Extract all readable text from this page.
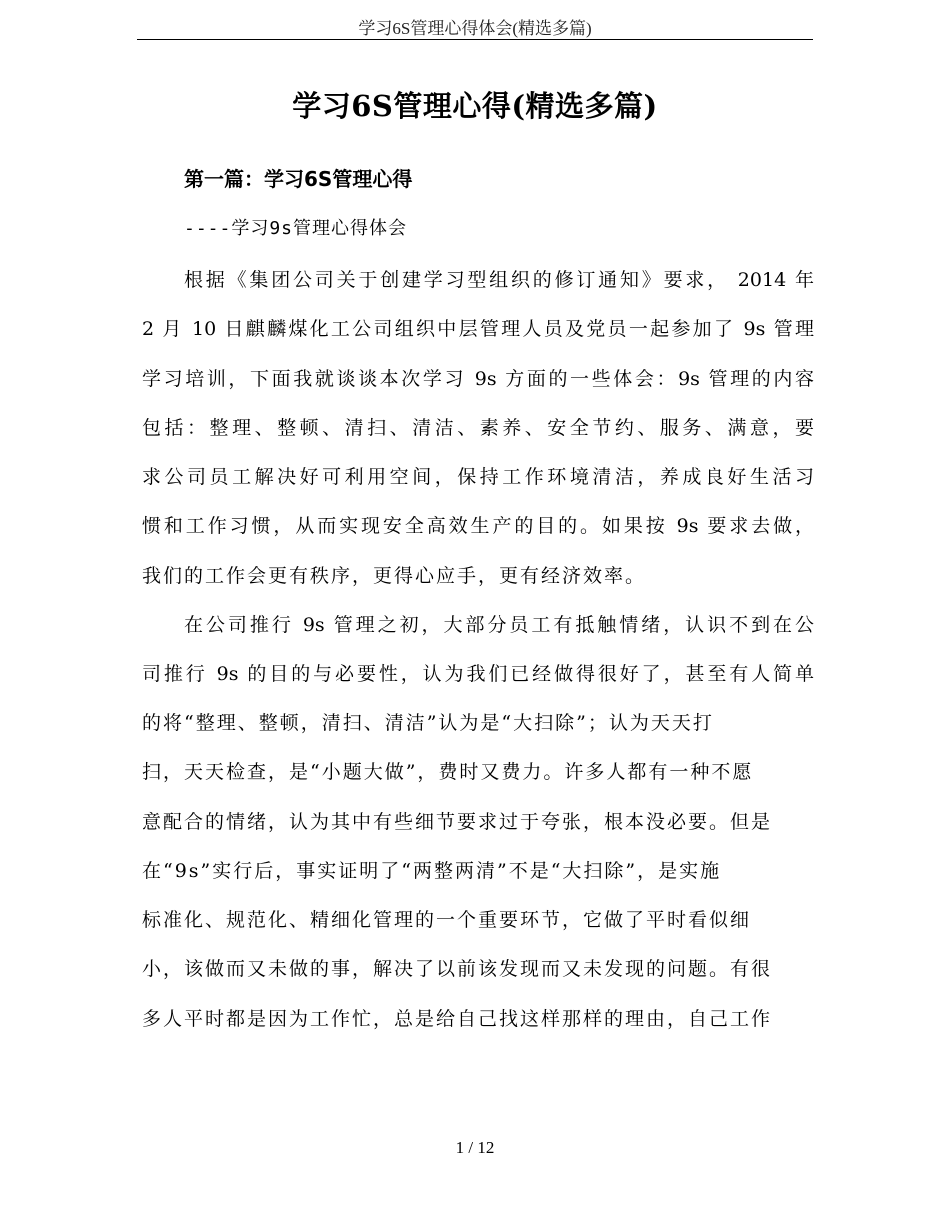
学习6S管理心得体会(精选多篇)
学习6S管理心得(精选多篇)
第一篇：学习6S管理心得
----学习9s管理心得体会
根据《集团公司关于创建学习型组织的修订通知》要求， 2014 年
2 月 10 日麒麟煤化工公司组织中层管理人员及党员一起参加了 9s 管理
学习培训，下面我就谈谈本次学习 9s 方面的一些体会：9s 管理的内容
包括：整理、整顿、清扫、清洁、素养、安全节约、服务、满意，要
求公司员工解决好可利用空间，保持工作环境清洁，养成良好生活习
惯和工作习惯，从而实现安全高效生产的目的。如果按 9s 要求去做，
我们的工作会更有秩序，更得心应手，更有经济效率。
在公司推行 9s 管理之初，大部分员工有抵触情绪，认识不到在公
司推行 9s 的目的与必要性，认为我们已经做得很好了，甚至有人简单
的将“整理、整顿，清扫、清洁”认为是“大扫除”；认为天天打
扫，天天检查，是“小题大做”，费时又费力。许多人都有一种不愿
意配合的情绪，认为其中有些细节要求过于夸张，根本没必要。但是
在“9s”实行后，事实证明了“两整两清”不是“大扫除”，是实施
标准化、规范化、精细化管理的一个重要环节，它做了平时看似细
小，该做而又未做的事，解决了以前该发现而又未发现的问题。有很
多人平时都是因为工作忙，总是给自己找这样那样的理由，自己工作
1 / 12
